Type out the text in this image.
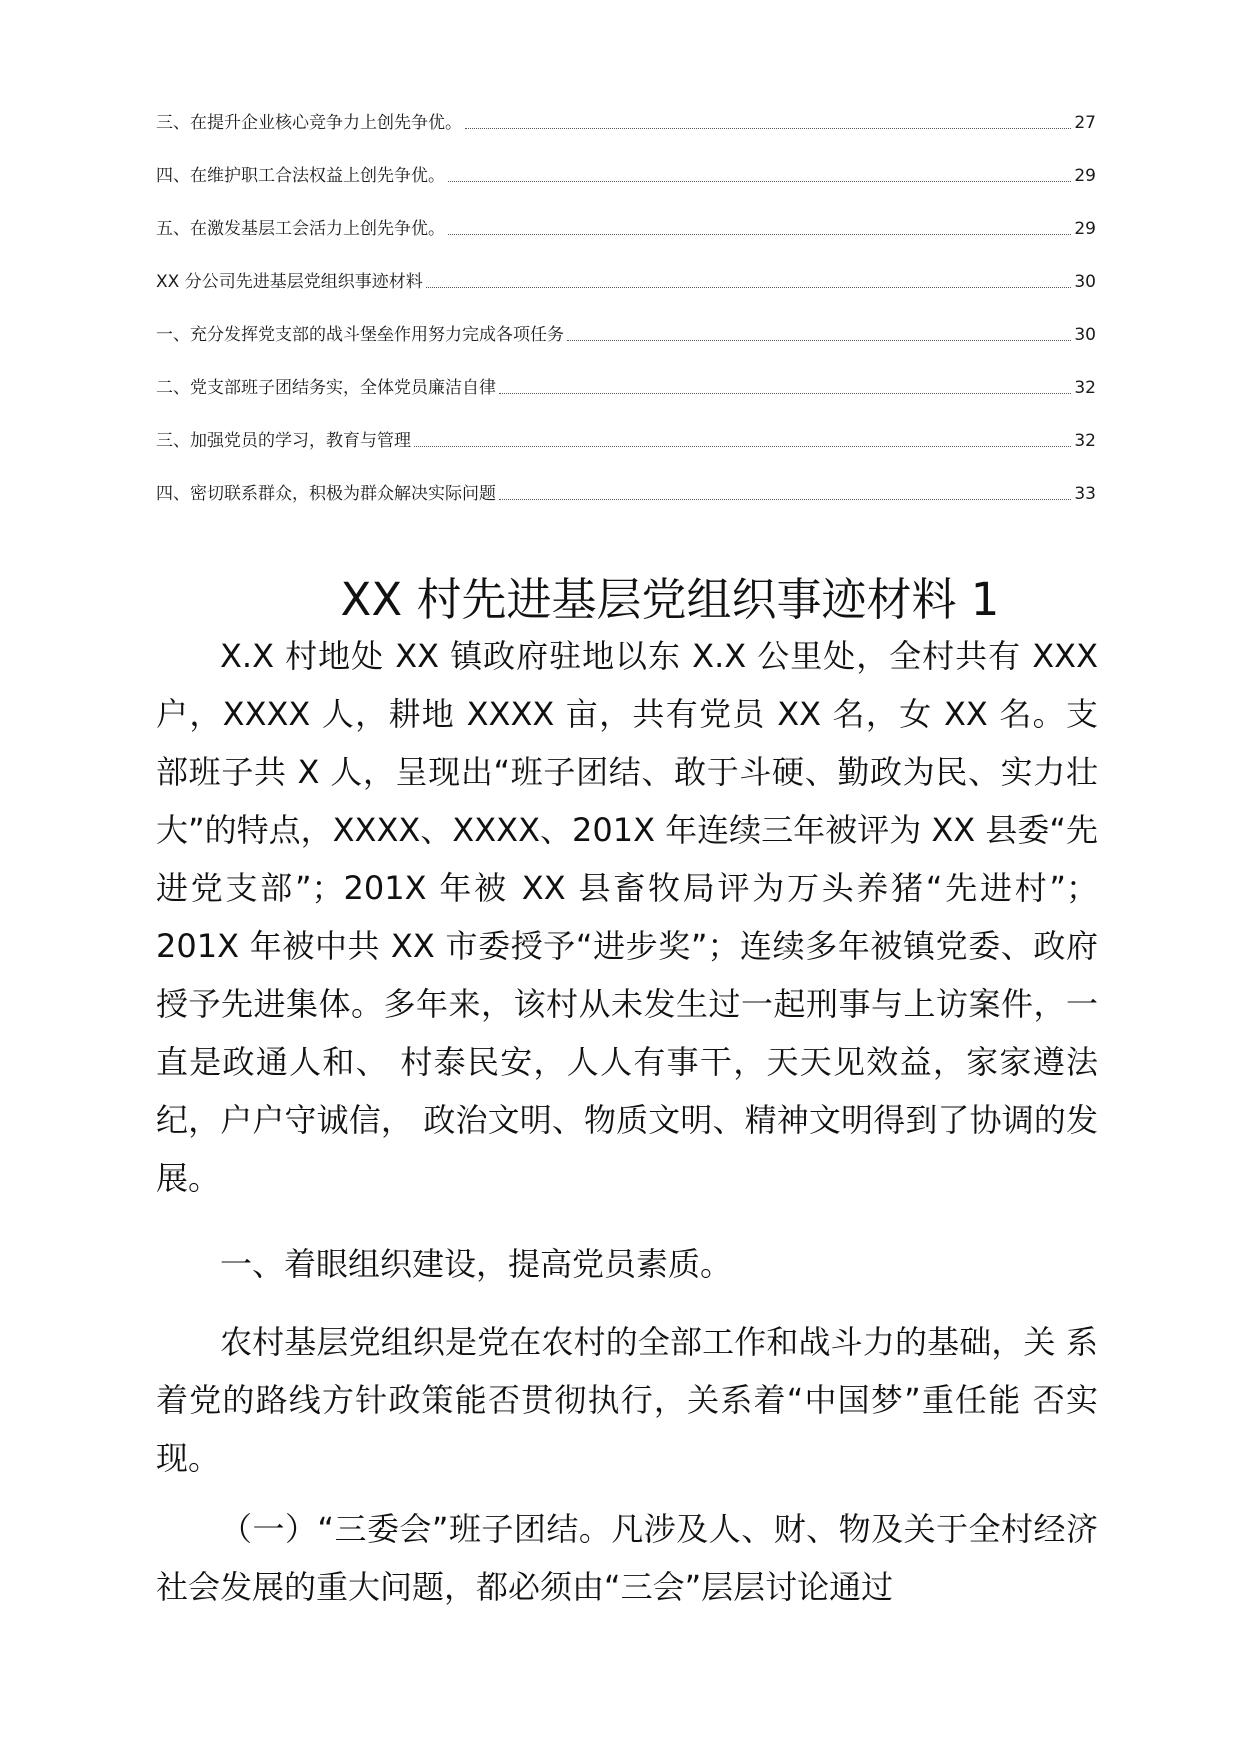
三、在提升企业核心竞争力上创先争优。	27
四、在维护职工合法权益上创先争优。	29
五、在激发基层工会活力上创先争优。	29
XX 分公司先进基层党组织事迹材料	30
一、充分发挥党支部的战斗堡垒作用努力完成各项任务	30
二、党支部班子团结务实，全体党员廉洁自律	32
三、加强党员的学习，教育与管理	32
四、密切联系群众，积极为群众解决实际问题	33
XX 村先进基层党组织事迹材料 1

X.X 村地处 XX 镇政府驻地以东 X.X 公里处，全村共有 XXX 户，XXXX 人，耕地 XXXX 亩，共有党员 XX 名，女 XX 名。支部班子共 X 人，呈现出“班子团结、敢于斗硬、勤政为民、实力壮大”的特点，XXXX、XXXX、201X 年连续三年被评为 XX 县委“先进党支部”；201X 年被 XX 县畜牧局评为万头养猪“先进村”；201X 年被中共 XX 市委授予“进步奖”；连续多年被镇党委、政府授予先进集体。多年来，该村从未发生过一起刑事与上访案件，一直是政通人和、 村泰民安，人人有事干，天天见效益，家家遵法纪，户户守诚信， 政治文明、物质文明、精神文明得到了协调的发展。

一、着眼组织建设，提高党员素质。

农村基层党组织是党在农村的全部工作和战斗力的基础，关 系着党的路线方针政策能否贯彻执行，关系着“中国梦”重任能 否实现。

（一）“三委会”班子团结。凡涉及人、财、物及关于全村经济社会发展的重大问题，都必须由“三会”层层讨论通过
